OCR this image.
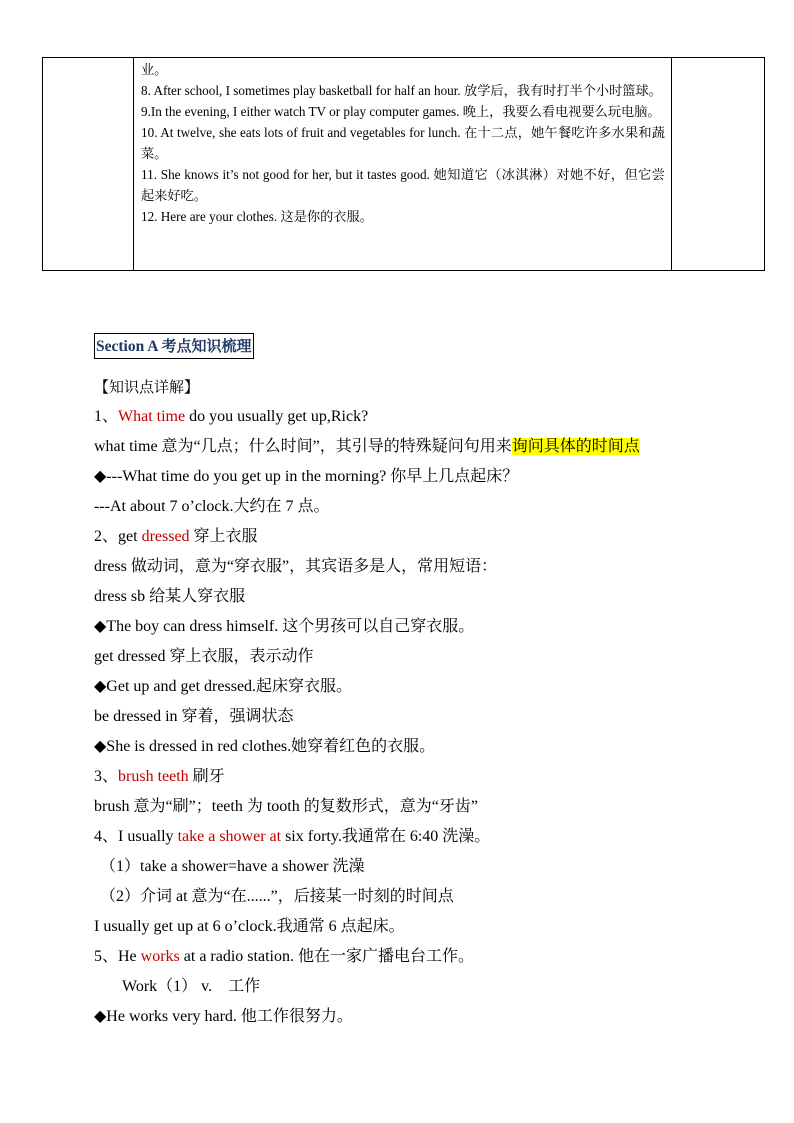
业。
8. After school, I sometimes play basketball for half an hour. 放学后，我有时打半个小时篮球。
9.In the evening, I either watch TV or play computer games. 晚上，我要么看电视要么玩电脑。
10. At twelve, she eats lots of fruit and vegetables for lunch. 在十二点，她午餐吃许多水果和蔬菜。
11. She knows it’s not good for her, but it tastes good. 她知道它（冰淇淋）对她不好，但它尝起来好吃。
12. Here are your clothes. 这是你的衣服。

Section A 考点知识梳理
【知识点详解】
1、What time do you usually get up,Rick?
what time 意为“几点；什么时间”，其引导的特殊疑问句用来询问具体的时间点
◆---What time do you get up in the morning? 你早上几点起床？
---At about 7 o’clock.大约在 7 点。
2、get dressed 穿上衣服
dress 做动词，意为“穿衣服”，其宾语多是人，常用短语：
dress sb 给某人穿衣服
◆The boy can dress himself. 这个男孩可以自己穿衣服。
get dressed 穿上衣服，表示动作
◆Get up and get dressed.起床穿衣服。
be dressed in 穿着，强调状态
◆She is dressed in red clothes.她穿着红色的衣服。
3、brush teeth 刷牙
brush 意为“刷”；teeth 为 tooth 的复数形式，意为“牙齿”
4、I usually take a shower at six forty.我通常在 6:40 洗澡。
（1）take a shower=have a shower 洗澡
（2）介词 at 意为“在......”，后接某一时刻的时间点
I usually get up at 6 o’clock.我通常 6 点起床。
5、He works at a radio station. 他在一家广播电台工作。
Work（1） v.    工作
◆He works very hard. 他工作很努力。
